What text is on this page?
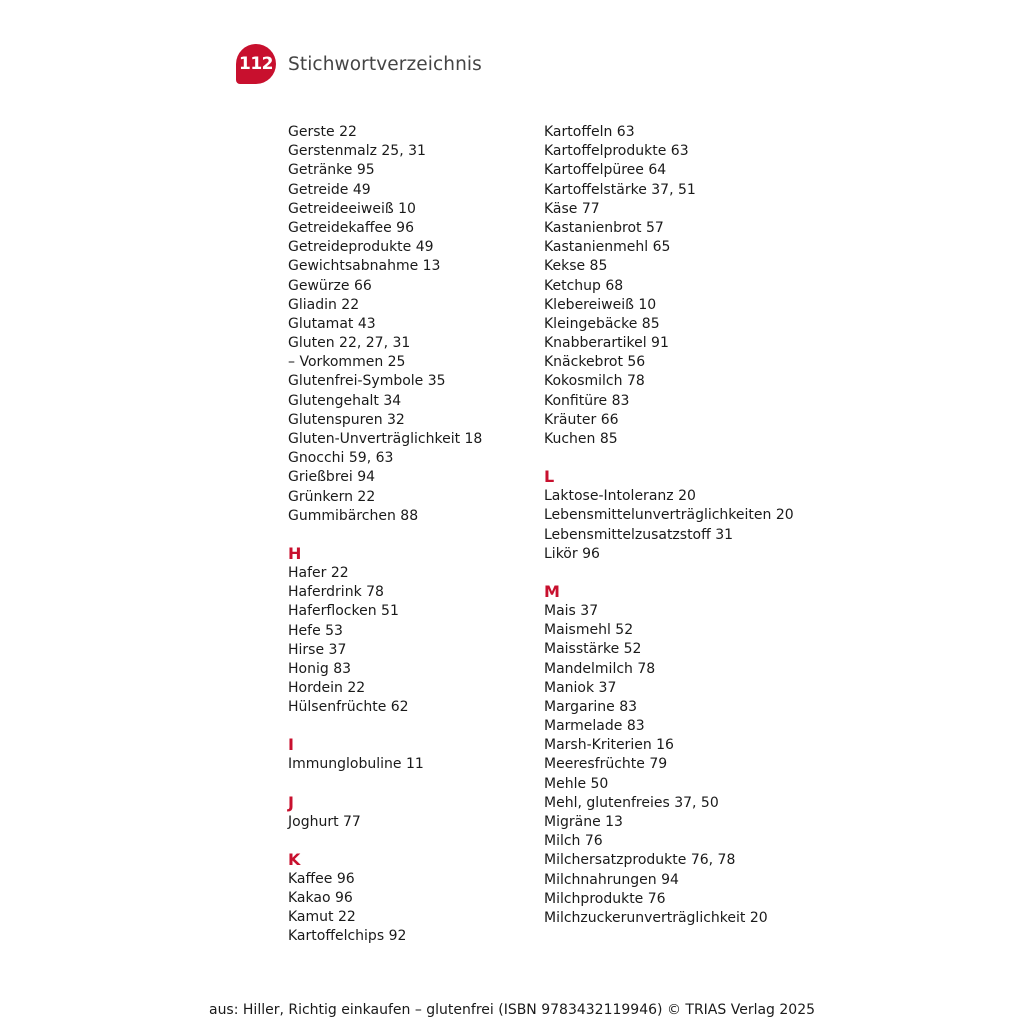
112 Stichwortverzeichnis
Gerste 22
Gerstenmalz 25, 31
Getränke 95
Getreide 49
Getreideeiweiß 10
Getreidekaffee 96
Getreideprodukte 49
Gewichtsabnahme 13
Gewürze 66
Gliadin 22
Glutamat 43
Gluten 22, 27, 31
– Vorkommen 25
Glutenfrei-Symbole 35
Glutengehalt 34
Glutenspuren 32
Gluten-Unverträglichkeit 18
Gnocchi 59, 63
Grießbrei 94
Grünkern 22
Gummibärchen 88
H
Hafer 22
Haferdrink 78
Haferflocken 51
Hefe 53
Hirse 37
Honig 83
Hordein 22
Hülsenfrüchte 62
I
Immunglobuline 11
J
Joghurt 77
K
Kaffee 96
Kakao 96
Kamut 22
Kartoffelchips 92
Kartoffeln 63
Kartoffelprodukte 63
Kartoffelpüree 64
Kartoffelstärke 37, 51
Käse 77
Kastanienbrot 57
Kastanienmehl 65
Kekse 85
Ketchup 68
Klebereiweiß 10
Kleingebäcke 85
Knabberartikel 91
Knäckebrot 56
Kokosmilch 78
Konfitüre 83
Kräuter 66
Kuchen 85
L
Laktose-Intoleranz 20
Lebensmittelunverträglichkeiten 20
Lebensmittelzusatzstoff 31
Likör 96
M
Mais 37
Maismehl 52
Maisstärke 52
Mandelmilch 78
Maniok 37
Margarine 83
Marmelade 83
Marsh-Kriterien 16
Meeresfrüchte 79
Mehle 50
Mehl, glutenfreies 37, 50
Migräne 13
Milch 76
Milchersatzprodukte 76, 78
Milchnahrungen 94
Milchprodukte 76
Milchzuckerunverträglichkeit 20
aus: Hiller, Richtig einkaufen – glutenfrei (ISBN 9783432119946) © TRIAS Verlag 2025
